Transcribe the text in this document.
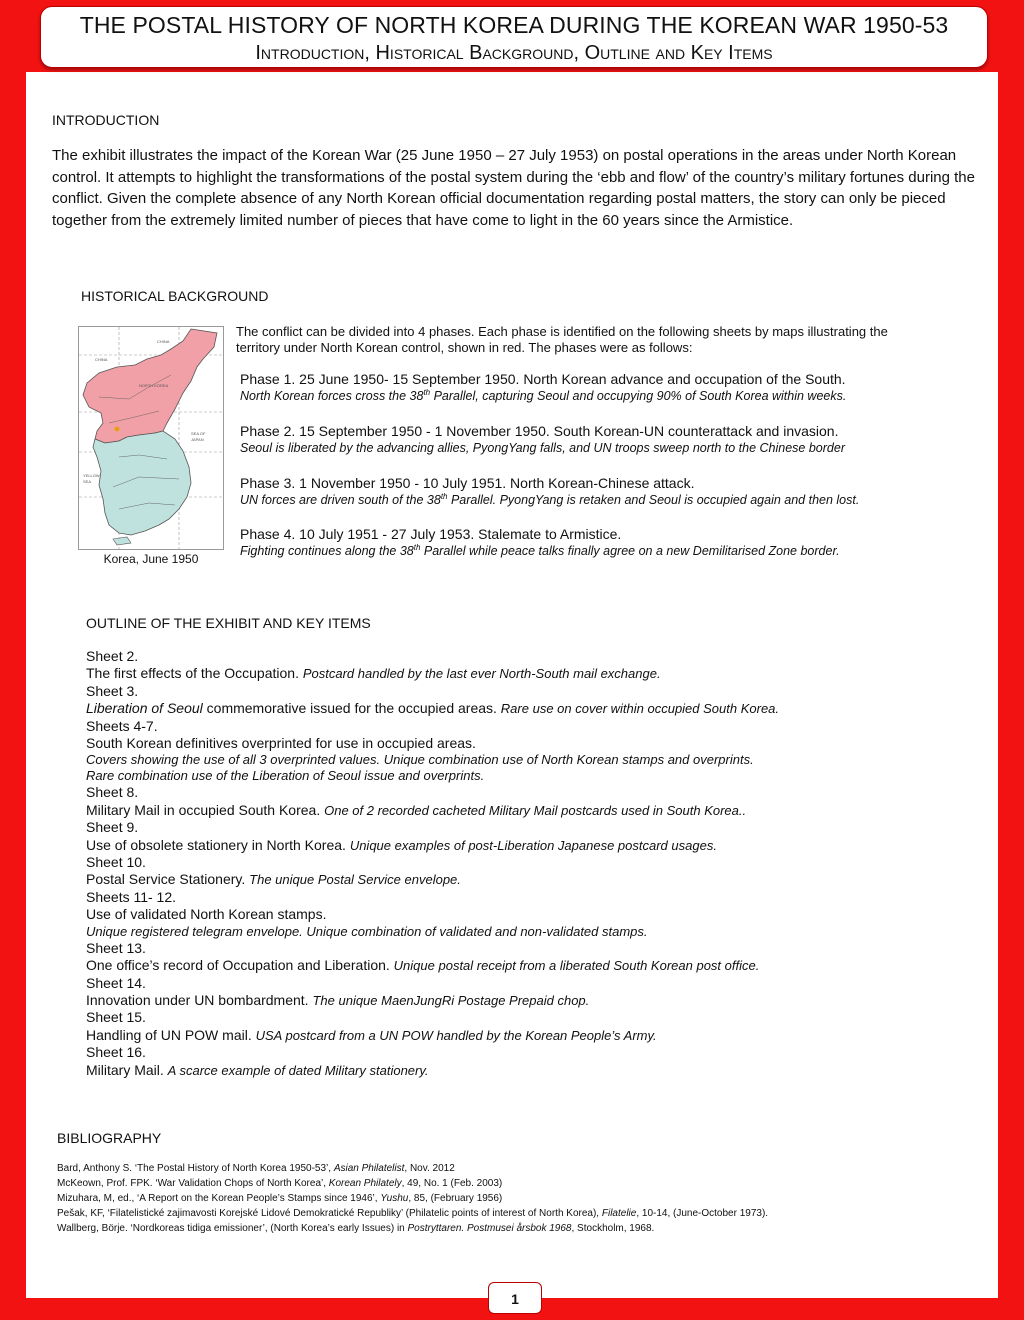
THE POSTAL HISTORY OF NORTH KOREA DURING THE KOREAN WAR 1950-53
Introduction, Historical Background, Outline and Key Items
INTRODUCTION
The exhibit illustrates the impact of the Korean War (25 June 1950 – 27 July 1953) on postal operations in the areas under North Korean control. It attempts to highlight the transformations of the postal system during the ‘ebb and flow’ of the country’s military fortunes during the conflict. Given the complete absence of any North Korean official documentation regarding postal matters, the story can only be pieced together from the extremely limited number of pieces that have come to light in the 60 years since the Armistice.
HISTORICAL BACKGROUND
CHINA
CHINA
NORTH KOREA
SEA OF
JAPAN
YELLOW
SEA
Korea, June 1950
The conflict can be divided into 4 phases. Each phase is identified on the following sheets by maps illustrating the territory under North Korean control, shown in red. The phases were as follows:
Phase 1. 25 June 1950- 15 September 1950. North Korean advance and occupation of the South.
North Korean forces cross the 38th Parallel, capturing Seoul and occupying 90% of South Korea within weeks.
Phase 2. 15 September 1950 - 1 November 1950. South Korean-UN counterattack and invasion.
Seoul is liberated by the advancing allies, PyongYang falls, and UN troops sweep north to the Chinese border
Phase 3. 1 November 1950 - 10 July 1951. North Korean-Chinese attack.
UN forces are driven south of the 38th Parallel. PyongYang is retaken and Seoul is occupied again and then lost.
Phase 4. 10 July 1951 - 27 July 1953. Stalemate to Armistice.
Fighting continues along the 38th Parallel while peace talks finally agree on a new Demilitarised Zone border.
OUTLINE OF THE EXHIBIT AND KEY ITEMS
Sheet 2.
The first effects of the Occupation. Postcard handled by the last ever North-South mail exchange.
Sheet 3.
Liberation of Seoul commemorative issued for the occupied areas. Rare use on cover within occupied South Korea.
Sheets 4-7.
South Korean definitives overprinted for use in occupied areas.
Covers showing the use of all 3 overprinted values. Unique combination use of North Korean stamps and overprints.
Rare combination use of the Liberation of Seoul issue and overprints.
Sheet 8.
Military Mail in occupied South Korea. One of 2 recorded cacheted Military Mail postcards used in South Korea..
Sheet 9.
Use of obsolete stationery in North Korea. Unique examples of post-Liberation Japanese postcard usages.
Sheet 10.
Postal Service Stationery. The unique Postal Service envelope.
Sheets 11- 12.
Use of validated North Korean stamps.
Unique registered telegram envelope. Unique combination of validated and non-validated stamps.
Sheet 13.
One office’s record of Occupation and Liberation. Unique postal receipt from a liberated South Korean post office.
Sheet 14.
Innovation under UN bombardment. The unique MaenJungRi Postage Prepaid chop.
Sheet 15.
Handling of UN POW mail. USA postcard from a UN POW handled by the Korean People’s Army.
Sheet 16.
Military Mail. A scarce example of dated Military stationery.
BIBLIOGRAPHY
Bard, Anthony S. ‘The Postal History of North Korea 1950-53’, Asian Philatelist, Nov. 2012
McKeown, Prof. FPK. ‘War Validation Chops of North Korea’, Korean Philately, 49, No. 1 (Feb. 2003)
Mizuhara, M, ed., ‘A Report on the Korean People’s Stamps since 1946’, Yushu, 85, (February 1956)
Pešak, KF, ‘Filatelistické zajimavosti Korejské Lidové Demokratické Republiky’ (Philatelic points of interest of North Korea), Filatelie, 10-14, (June-October 1973).
Wallberg, Börje. ‘Nordkoreas tidiga emissioner’, (North Korea’s early Issues) in Postryttaren. Postmusei årsbok 1968, Stockholm, 1968.
1
